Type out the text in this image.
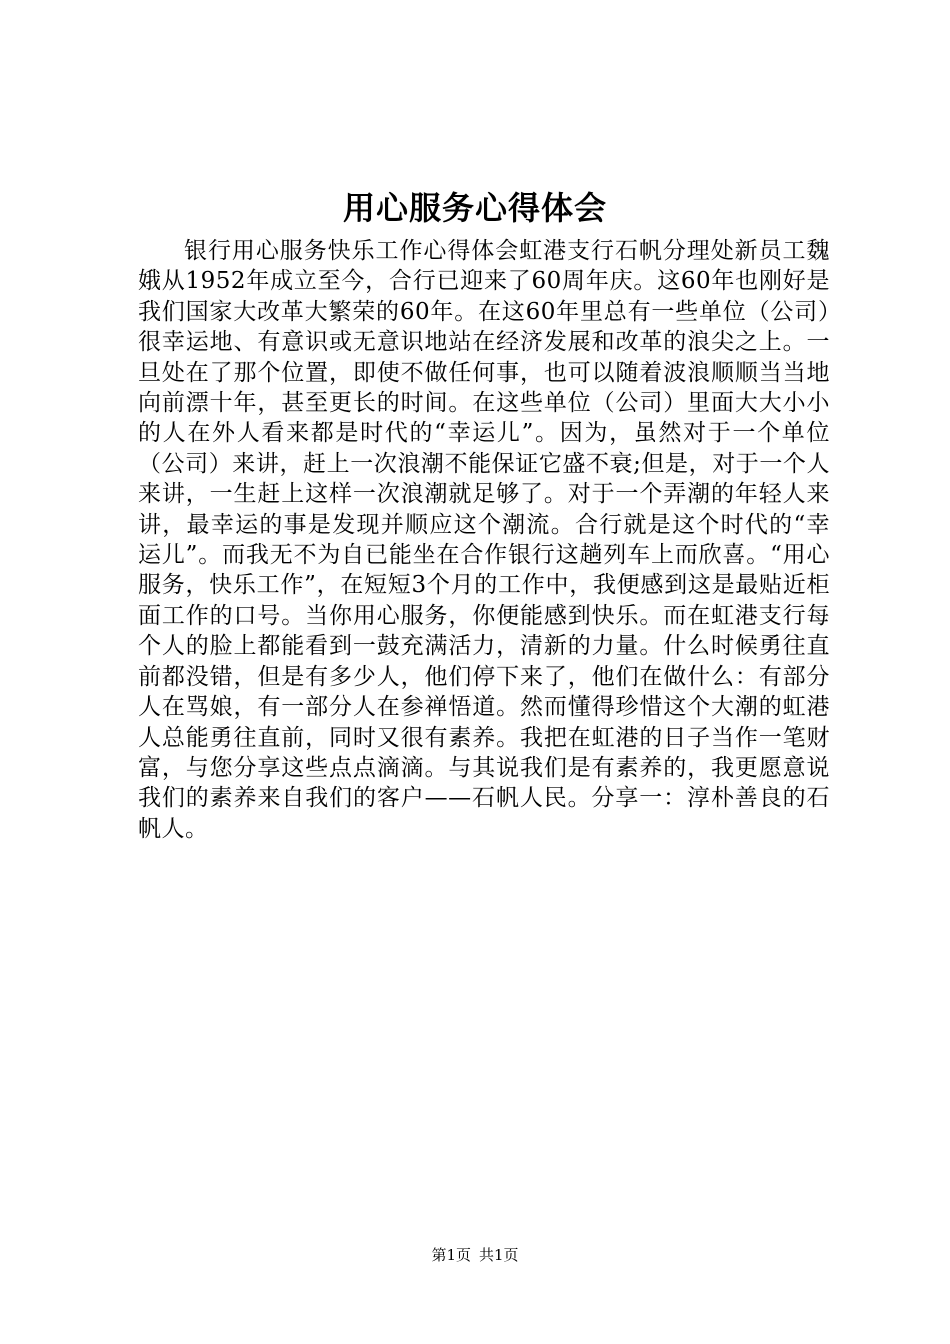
用心服务心得体会

银行用心服务快乐工作心得体会虹港支行石帆分理处新员工魏娥从1952年成立至今，合行已迎来了60周年庆。这60年也刚好是我们国家大改革大繁荣的60年。在这60年里总有一些单位（公司）很幸运地、有意识或无意识地站在经济发展和改革的浪尖之上。一旦处在了那个位置，即使不做任何事，也可以随着波浪顺顺当当地向前漂十年，甚至更长的时间。在这些单位（公司）里面大大小小的人在外人看来都是时代的“幸运儿”。因为，虽然对于一个单位（公司）来讲，赶上一次浪潮不能保证它盛不衰;但是，对于一个人来讲，一生赶上这样一次浪潮就足够了。对于一个弄潮的年轻人来讲，最幸运的事是发现并顺应这个潮流。合行就是这个时代的“幸运儿”。而我无不为自已能坐在合作银行这趟列车上而欣喜。“用心服务，快乐工作”，在短短3个月的工作中，我便感到这是最贴近柜面工作的口号。当你用心服务，你便能感到快乐。而在虹港支行每个人的脸上都能看到一鼓充满活力，清新的力量。什么时候勇往直前都没错，但是有多少人，他们停下来了，他们在做什么：有部分人在骂娘，有一部分人在参禅悟道。然而懂得珍惜这个大潮的虹港人总能勇往直前，同时又很有素养。我把在虹港的日子当作一笔财富，与您分享这些点点滴滴。与其说我们是有素养的，我更愿意说我们的素养来自我们的客户——石帆人民。分享一：淳朴善良的石帆人。

第1页 共1页
